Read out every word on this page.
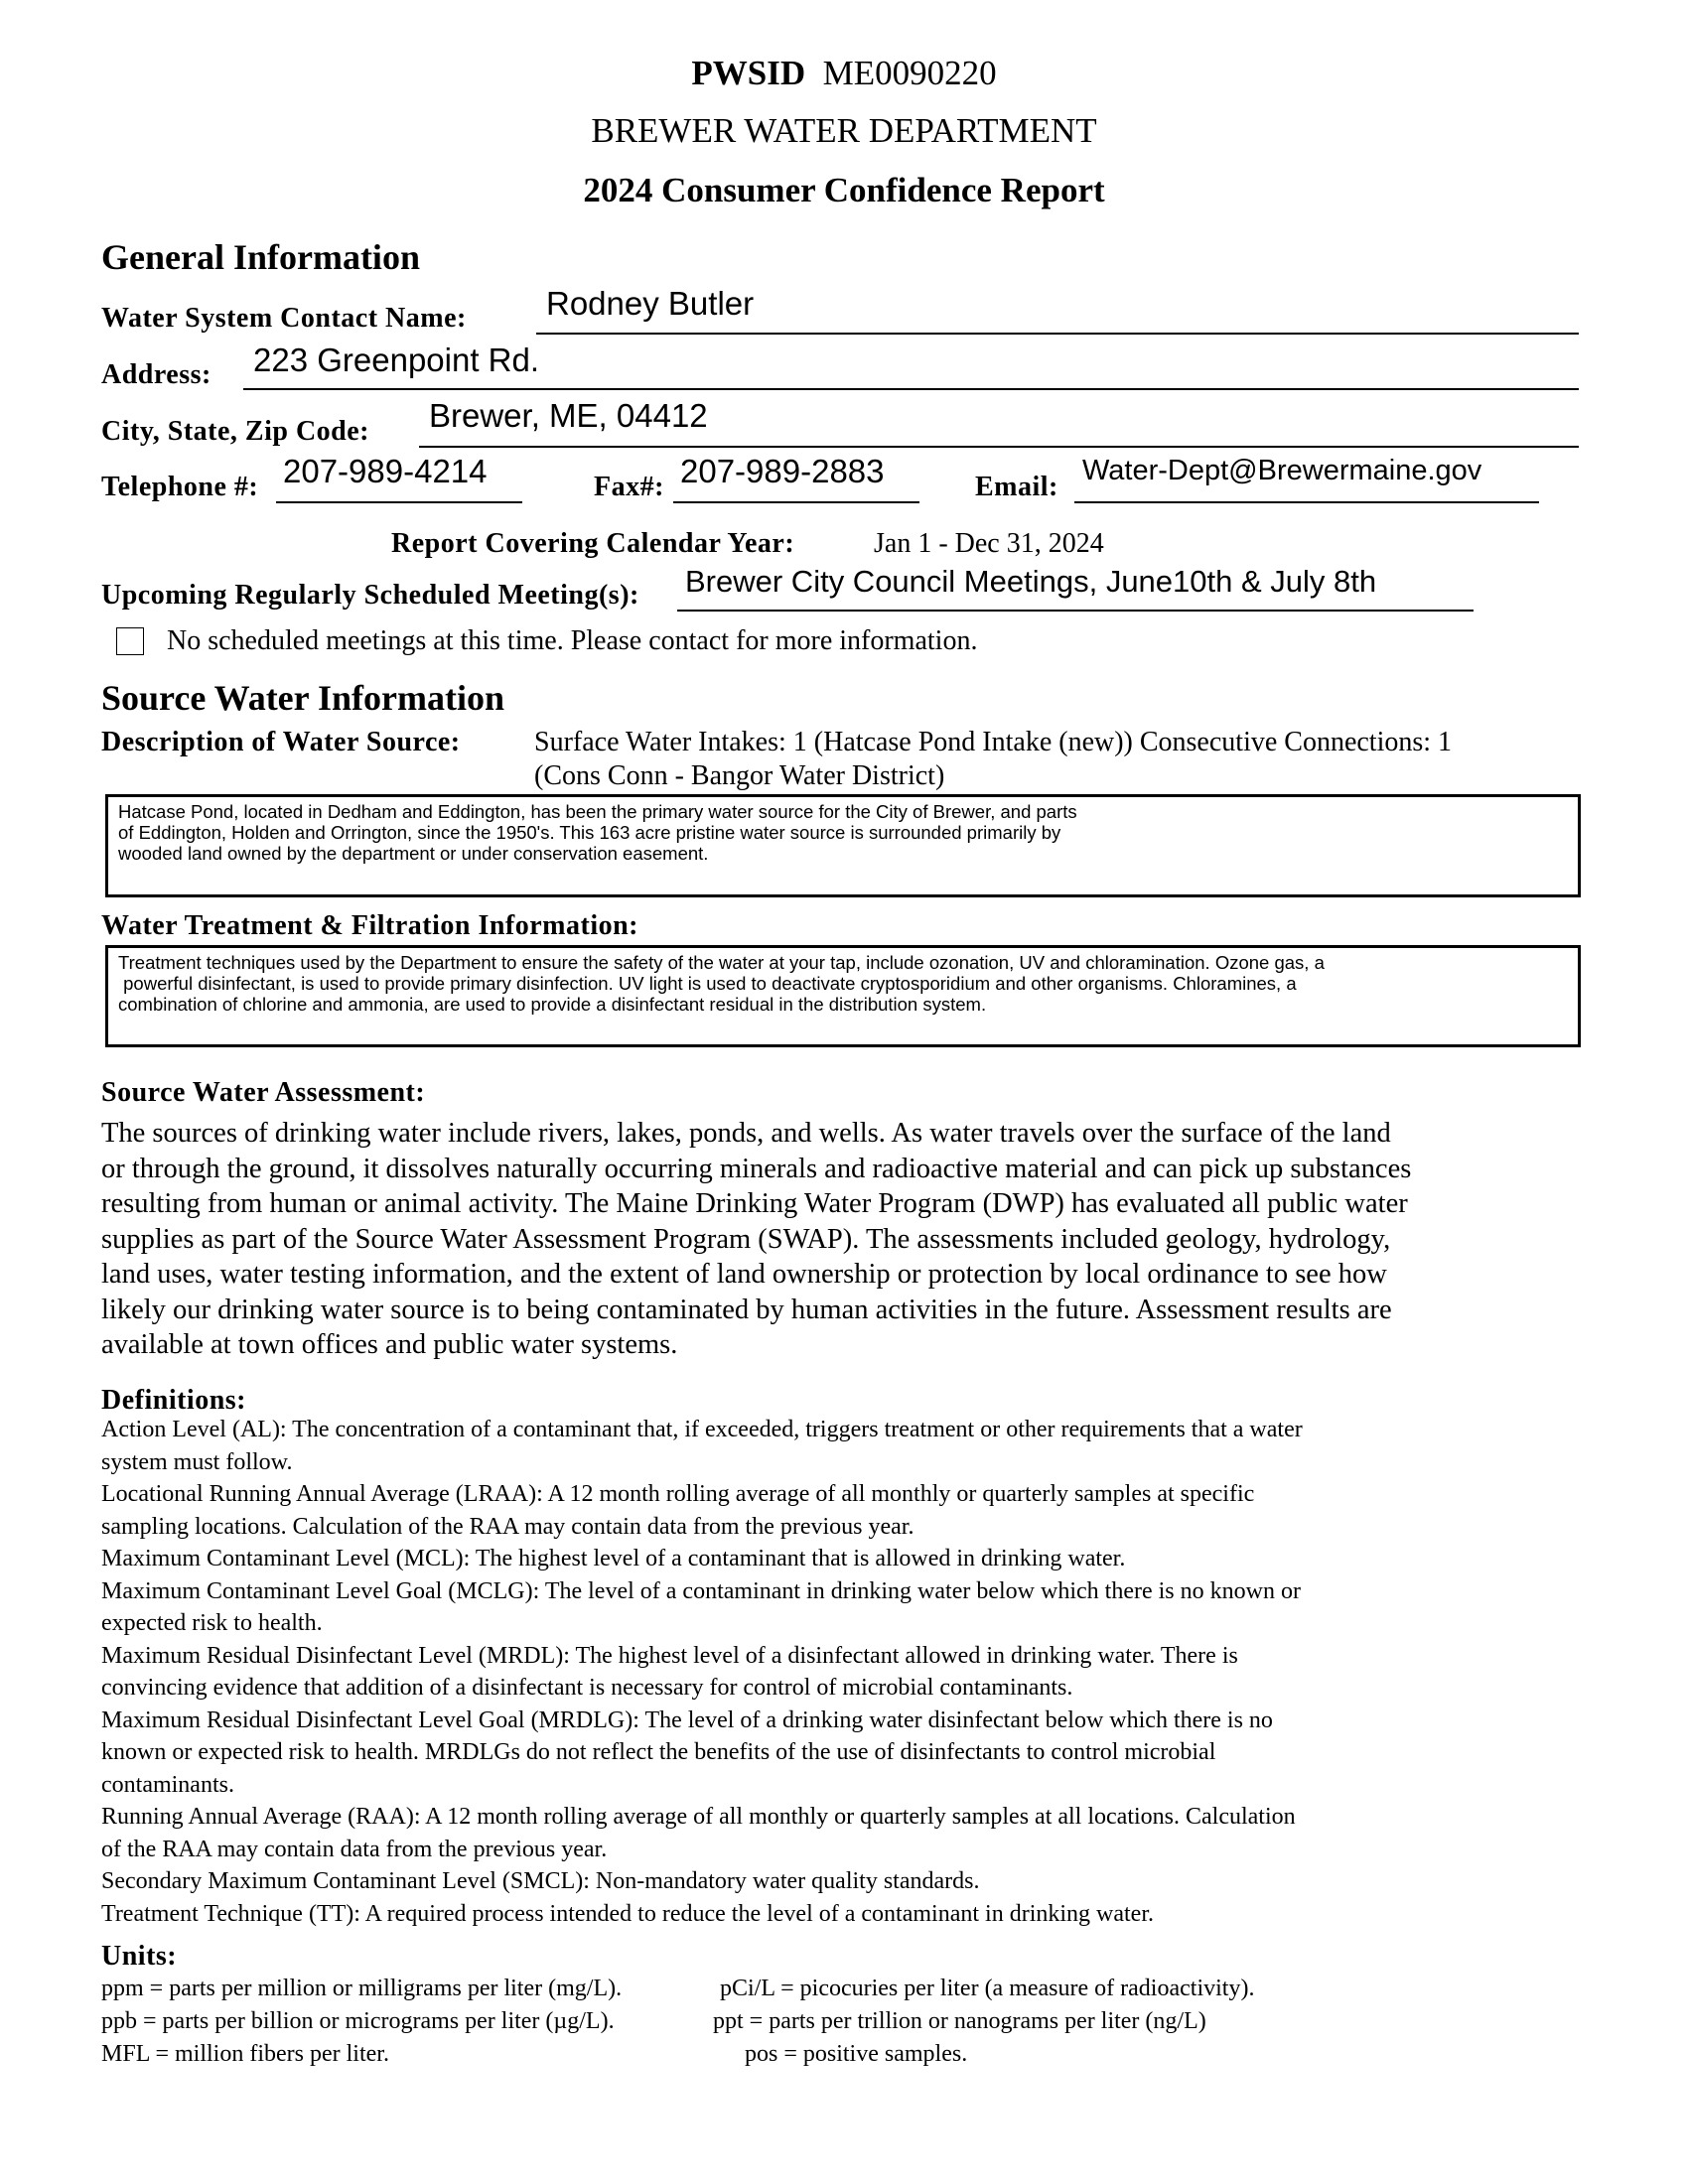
PWSID ME0090220
BREWER WATER DEPARTMENT
2024 Consumer Confidence Report
General Information
Water System Contact Name: Rodney Butler
Address: 223 Greenpoint Rd.
City, State, Zip Code: Brewer, ME, 04412
Telephone #: 207-989-4214	Fax#: 207-989-2883	Email:
Water-Dept@Brewermaine.gov
Report Covering Calendar Year:	Jan 1 - Dec 31, 2024
Upcoming Regularly Scheduled Meeting(s): Brewer City Council Meetings, June10th & July 8th
No scheduled meetings at this time. Please contact for more information.
Source Water Information
Description of Water Source:	Surface Water Intakes: 1 (Hatcase Pond Intake (new)) Consecutive Connections: 1
(Cons Conn - Bangor Water District)
Hatcase Pond, located in Dedham and Eddington, has been the primary water source for the City of Brewer, and parts
of Eddington, Holden and Orrington, since the 1950's. This 163 acre pristine water source is surrounded primarily by
wooded land owned by the department or under conservation easement.
Water Treatment & Filtration Information:
Treatment techniques used by the Department to ensure the safety of the water at your tap, include ozonation, UV and chloramination. Ozone gas, a
powerful disinfectant, is used to provide primary disinfection. UV light is used to deactivate cryptosporidium and other organisms. Chloramines, a
combination of chlorine and ammonia, are used to provide a disinfectant residual in the distribution system.
Source Water Assessment:
The sources of drinking water include rivers, lakes, ponds, and wells. As water travels over the surface of the land
or through the ground, it dissolves naturally occurring minerals and radioactive material and can pick up substances
resulting from human or animal activity. The Maine Drinking Water Program (DWP) has evaluated all public water
supplies as part of the Source Water Assessment Program (SWAP). The assessments included geology, hydrology,
land uses, water testing information, and the extent of land ownership or protection by local ordinance to see how
likely our drinking water source is to being contaminated by human activities in the future. Assessment results are
available at town offices and public water systems.
Definitions:
Action Level (AL): The concentration of a contaminant that, if exceeded, triggers treatment or other requirements that a water
system must follow.
Locational Running Annual Average (LRAA): A 12 month rolling average of all monthly or quarterly samples at specific
sampling locations. Calculation of the RAA may contain data from the previous year.
Maximum Contaminant Level (MCL): The highest level of a contaminant that is allowed in drinking water.
Maximum Contaminant Level Goal (MCLG): The level of a contaminant in drinking water below which there is no known or
expected risk to health.
Maximum Residual Disinfectant Level (MRDL): The highest level of a disinfectant allowed in drinking water. There is
convincing evidence that addition of a disinfectant is necessary for control of microbial contaminants.
Maximum Residual Disinfectant Level Goal (MRDLG): The level of a drinking water disinfectant below which there is no
known or expected risk to health. MRDLGs do not reflect the benefits of the use of disinfectants to control microbial
contaminants.
Running Annual Average (RAA): A 12 month rolling average of all monthly or quarterly samples at all locations. Calculation
of the RAA may contain data from the previous year.
Secondary Maximum Contaminant Level (SMCL): Non-mandatory water quality standards.
Treatment Technique (TT): A required process intended to reduce the level of a contaminant in drinking water.
Units:
ppm = parts per million or milligrams per liter (mg/L).	pCi/L = picocuries per liter (a measure of radioactivity).
ppb = parts per billion or micrograms per liter (µg/L).	ppt = parts per trillion or nanograms per liter (ng/L)
MFL = million fibers per liter.	pos = positive samples.
